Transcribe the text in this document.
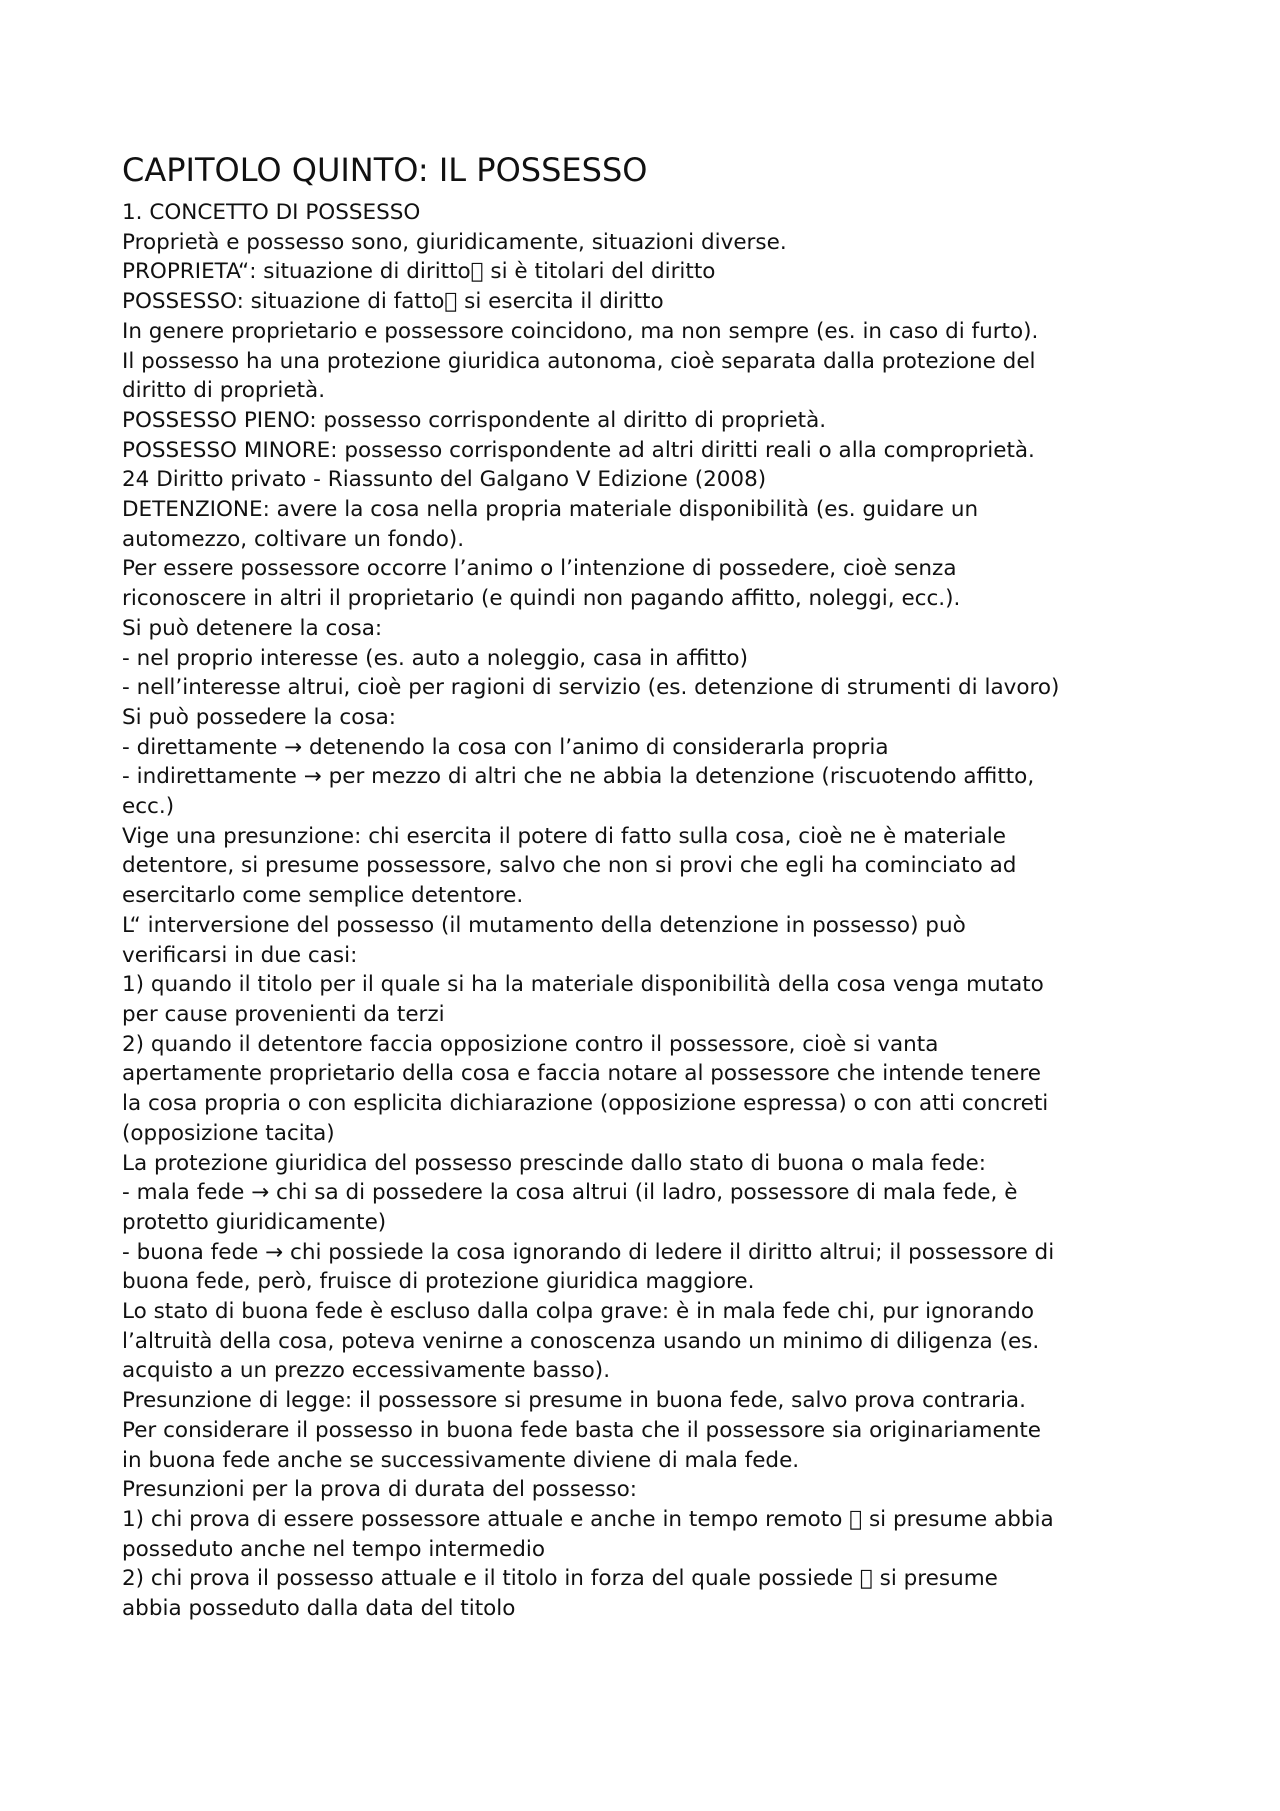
CAPITOLO QUINTO: IL POSSESSO
1. CONCETTO DI POSSESSO
Proprietà e possesso sono, giuridicamente, situazioni diverse.
PROPRIETA“: situazione di diritto si è titolari del diritto
POSSESSO: situazione di fatto si esercita il diritto
In genere proprietario e possessore coincidono, ma non sempre (es. in caso di furto).
Il possesso ha una protezione giuridica autonoma, cioè separata dalla protezione del
diritto di proprietà.
POSSESSO PIENO: possesso corrispondente al diritto di proprietà.
POSSESSO MINORE: possesso corrispondente ad altri diritti reali o alla comproprietà.
24 Diritto privato - Riassunto del Galgano V Edizione (2008)
DETENZIONE: avere la cosa nella propria materiale disponibilità (es. guidare un
automezzo, coltivare un fondo).
Per essere possessore occorre l’animo o l’intenzione di possedere, cioè senza
riconoscere in altri il proprietario (e quindi non pagando affitto, noleggi, ecc.).
Si può detenere la cosa:
- nel proprio interesse (es. auto a noleggio, casa in affitto)
- nell’interesse altrui, cioè per ragioni di servizio (es. detenzione di strumenti di lavoro)
Si può possedere la cosa:
- direttamente → detenendo la cosa con l’animo di considerarla propria
- indirettamente → per mezzo di altri che ne abbia la detenzione (riscuotendo affitto,
ecc.)
Vige una presunzione: chi esercita il potere di fatto sulla cosa, cioè ne è materiale
detentore, si presume possessore, salvo che non si provi che egli ha cominciato ad
esercitarlo come semplice detentore.
L“ interversione del possesso (il mutamento della detenzione in possesso) può
verificarsi in due casi:
1) quando il titolo per il quale si ha la materiale disponibilità della cosa venga mutato
per cause provenienti da terzi
2) quando il detentore faccia opposizione contro il possessore, cioè si vanta
apertamente proprietario della cosa e faccia notare al possessore che intende tenere
la cosa propria o con esplicita dichiarazione (opposizione espressa) o con atti concreti
(opposizione tacita)
La protezione giuridica del possesso prescinde dallo stato di buona o mala fede:
- mala fede → chi sa di possedere la cosa altrui (il ladro, possessore di mala fede, è
protetto giuridicamente)
- buona fede → chi possiede la cosa ignorando di ledere il diritto altrui; il possessore di
buona fede, però, fruisce di protezione giuridica maggiore.
Lo stato di buona fede è escluso dalla colpa grave: è in mala fede chi, pur ignorando
l’altruità della cosa, poteva venirne a conoscenza usando un minimo di diligenza (es.
acquisto a un prezzo eccessivamente basso).
Presunzione di legge: il possessore si presume in buona fede, salvo prova contraria.
Per considerare il possesso in buona fede basta che il possessore sia originariamente
in buona fede anche se successivamente diviene di mala fede.
Presunzioni per la prova di durata del possesso:
1) chi prova di essere possessore attuale e anche in tempo remoto si presume abbia
posseduto anche nel tempo intermedio
2) chi prova il possesso attuale e il titolo in forza del quale possiede si presume
abbia posseduto dalla data del titolo
